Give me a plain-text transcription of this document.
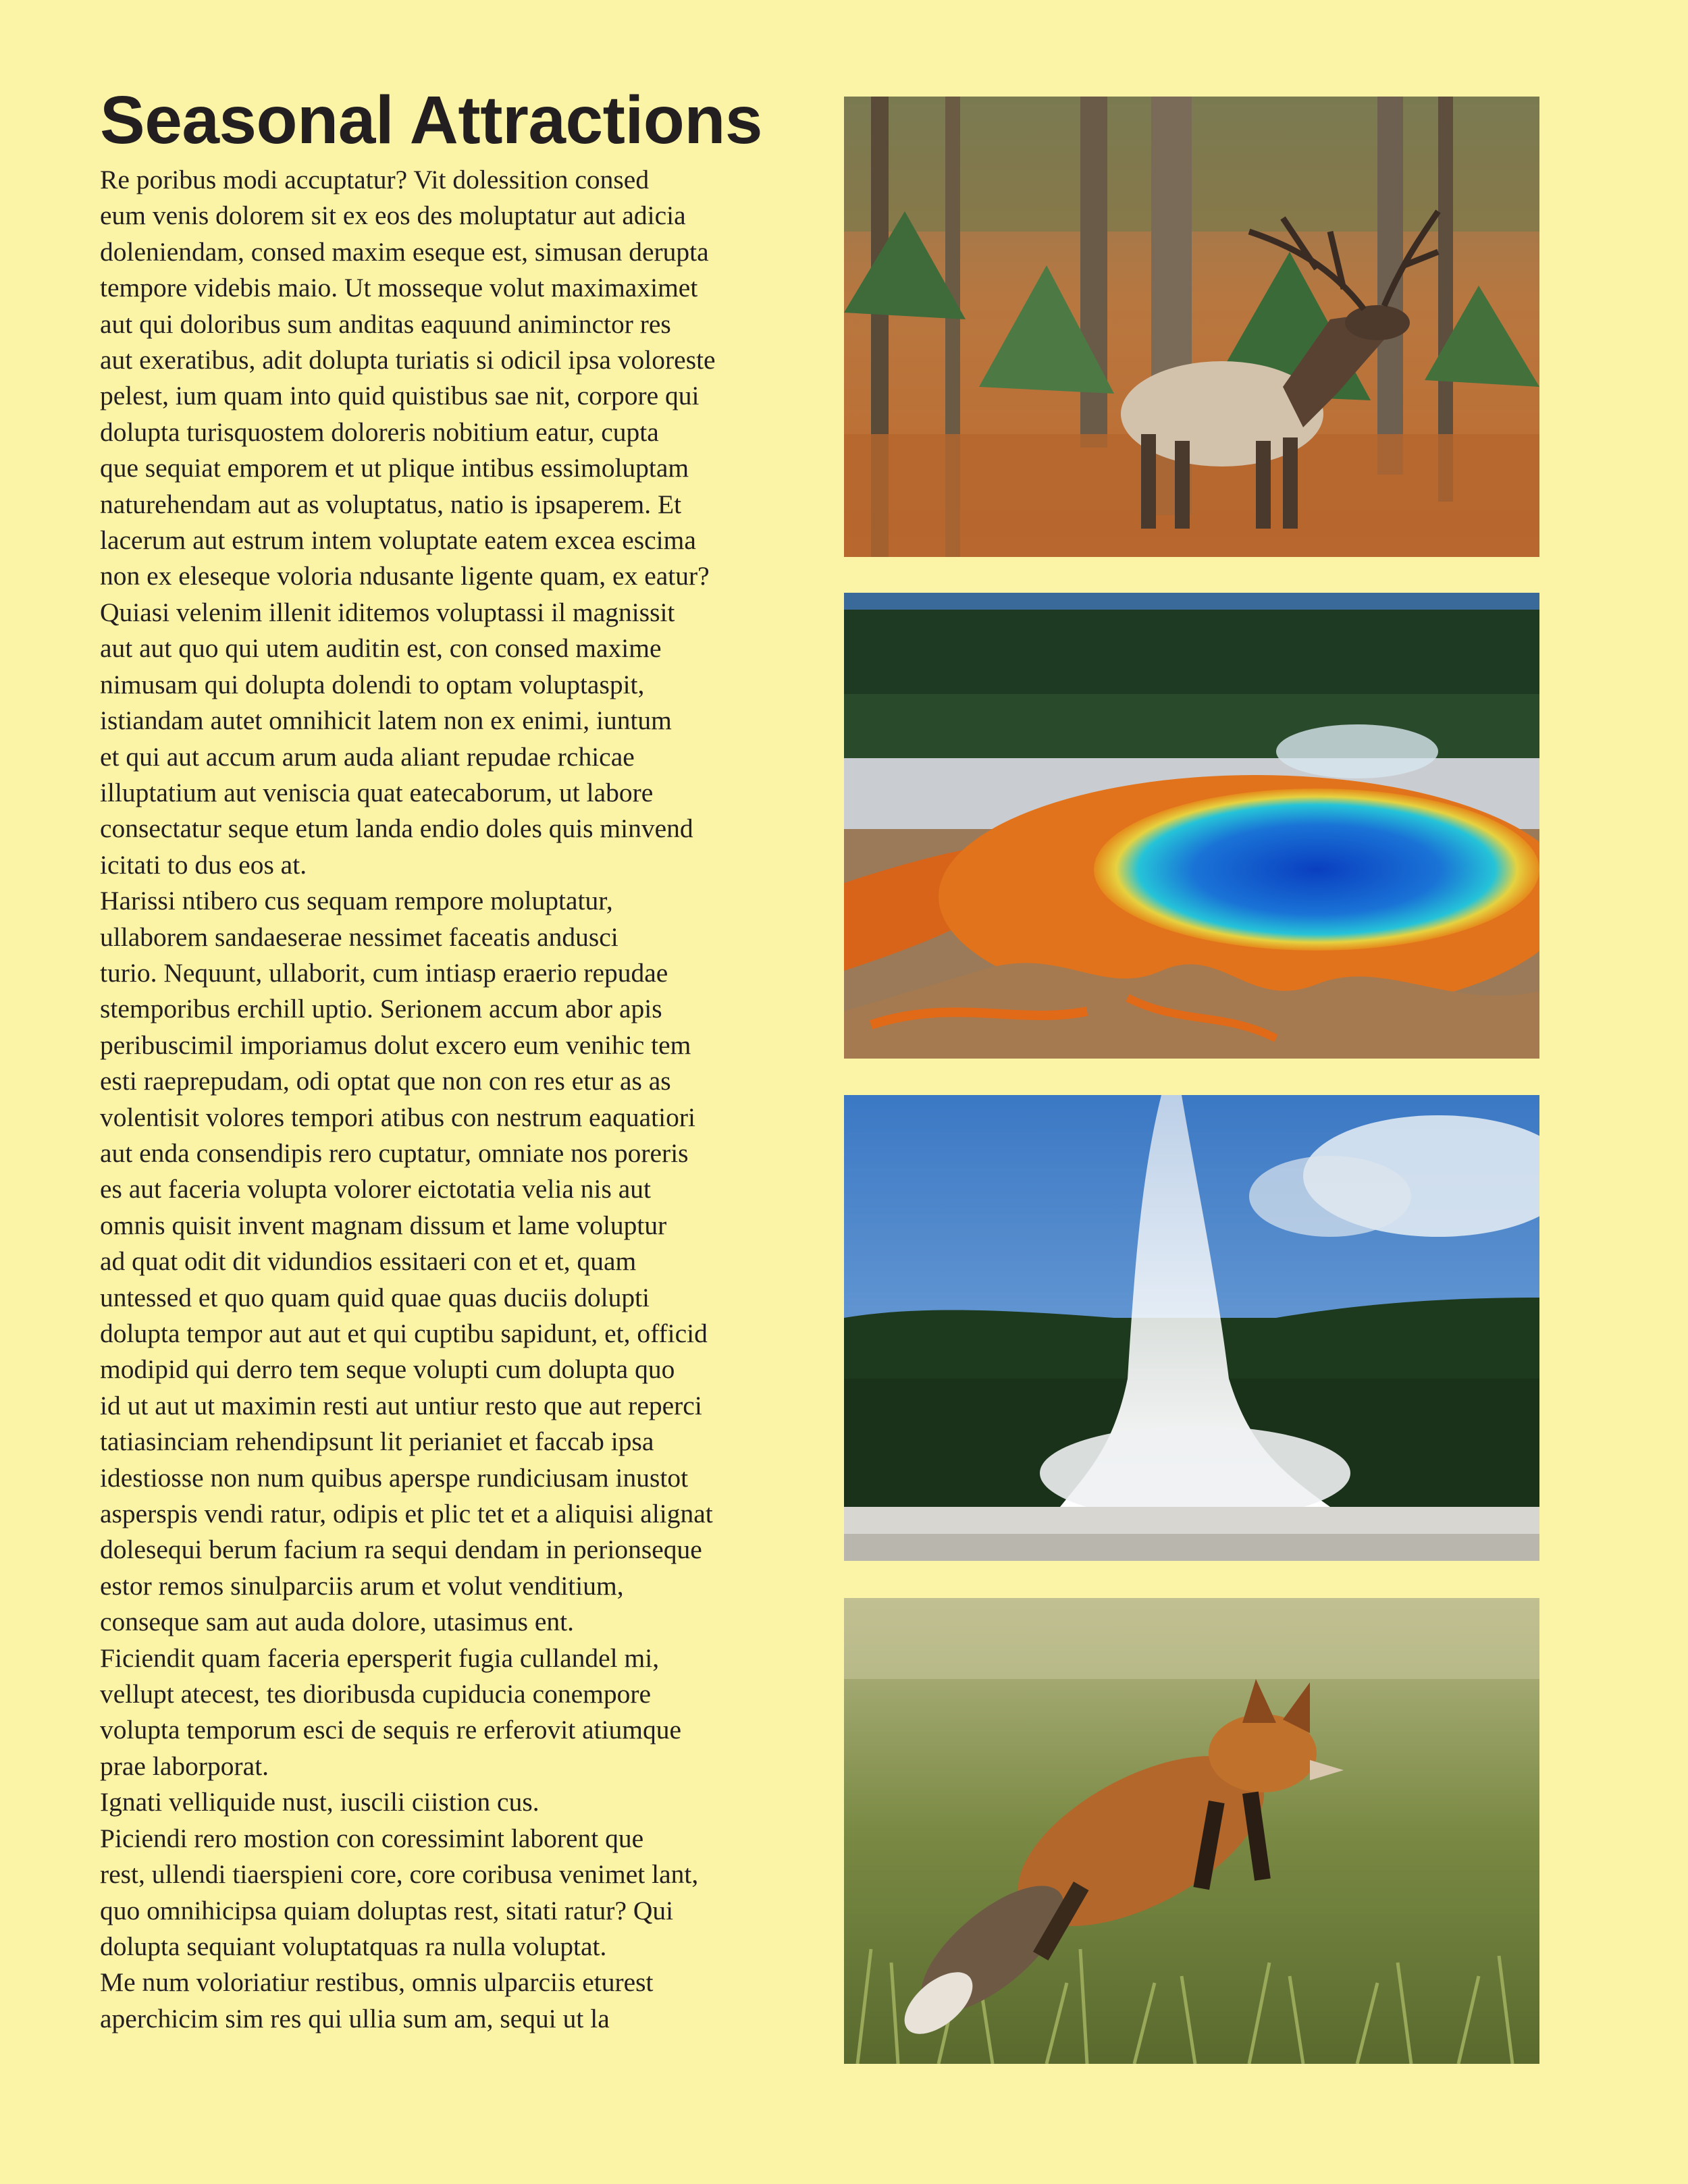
Seasonal Attractions

Re poribus modi accuptatur? Vit dolessition consed
eum venis dolorem sit ex eos des moluptatur aut adicia
doleniendam, consed maxim eseque est, simusan derupta
tempore videbis maio. Ut mosseque volut maximaximet
aut qui doloribus sum anditas eaquund animinctor res
aut exeratibus, adit dolupta turiatis si odicil ipsa voloreste
pelest, ium quam into quid quistibus sae nit, corpore qui
dolupta turisquostem doloreris nobitium eatur, cupta
que sequiat emporem et ut plique intibus essimoluptam
naturehendam aut as voluptatus, natio is ipsaperem. Et
lacerum aut estrum intem voluptate eatem excea escima
non ex eleseque voloria ndusante ligente quam, ex eatur?
Quiasi velenim illenit iditemos voluptassi il magnissit
aut aut quo qui utem auditin est, con consed maxime
nimusam qui dolupta dolendi to optam voluptaspit,
istiandam autet omnihicit latem non ex enimi, iuntum
et qui aut accum arum auda aliant repudae rchicae
illuptatium aut veniscia quat eatecaborum, ut labore
consectatur seque etum landa endio doles quis minvend
icitati to dus eos at.

Harissi ntibero cus sequam rempore moluptatur,
ullaborem sandaeserae nessimet faceatis andusci
turio. Nequunt, ullaborit, cum intiasp eraerio repudae
stemporibus erchill uptio. Serionem accum abor apis
peribuscimil imporiamus dolut excero eum venihic tem
esti raeprepudam, odi optat que non con res etur as as
volentisit volores tempori atibus con nestrum eaquatiori
aut enda consendipis rero cuptatur, omniate nos poreris
es aut faceria volupta volorer eictotatia velia nis aut
omnis quisit invent magnam dissum et lame voluptur
ad quat odit dit vidundios essitaeri con et et, quam
untessed et quo quam quid quae quas duciis dolupti
dolupta tempor aut aut et qui cuptibu sapidunt, et, officid
modipid qui derro tem seque volupti cum dolupta quo
id ut aut ut maximin resti aut untiur resto que aut reperci
tatiasinciam rehendipsunt lit perianiet et faccab ipsa
idestiosse non num quibus aperspe rundiciusam inustot
asperspis vendi ratur, odipis et plic tet et a aliquisi alignat
dolesequi berum facium ra sequi dendam in perionseque
estor remos sinulparciis arum et volut venditium,
conseque sam aut auda dolore, utasimus ent.

Ficiendit quam faceria epersperit fugia cullandel mi,
vellupt atecest, tes dioribusda cupiducia conempore
volupta temporum esci de sequis re erferovit atiumque
prae laborporat.

Ignati velliquide nust, iuscili ciistion cus.

Piciendi rero mostion con coressimint laborent que
rest, ullendi tiaerspieni core, core coribusa venimet lant,
quo omnihicipsa quiam doluptas rest, sitati ratur? Qui
dolupta sequiant voluptatquas ra nulla voluptat.

Me num voloriatiur restibus, omnis ulparciis eturest
aperchicim sim res qui ullia sum am, sequi ut la
